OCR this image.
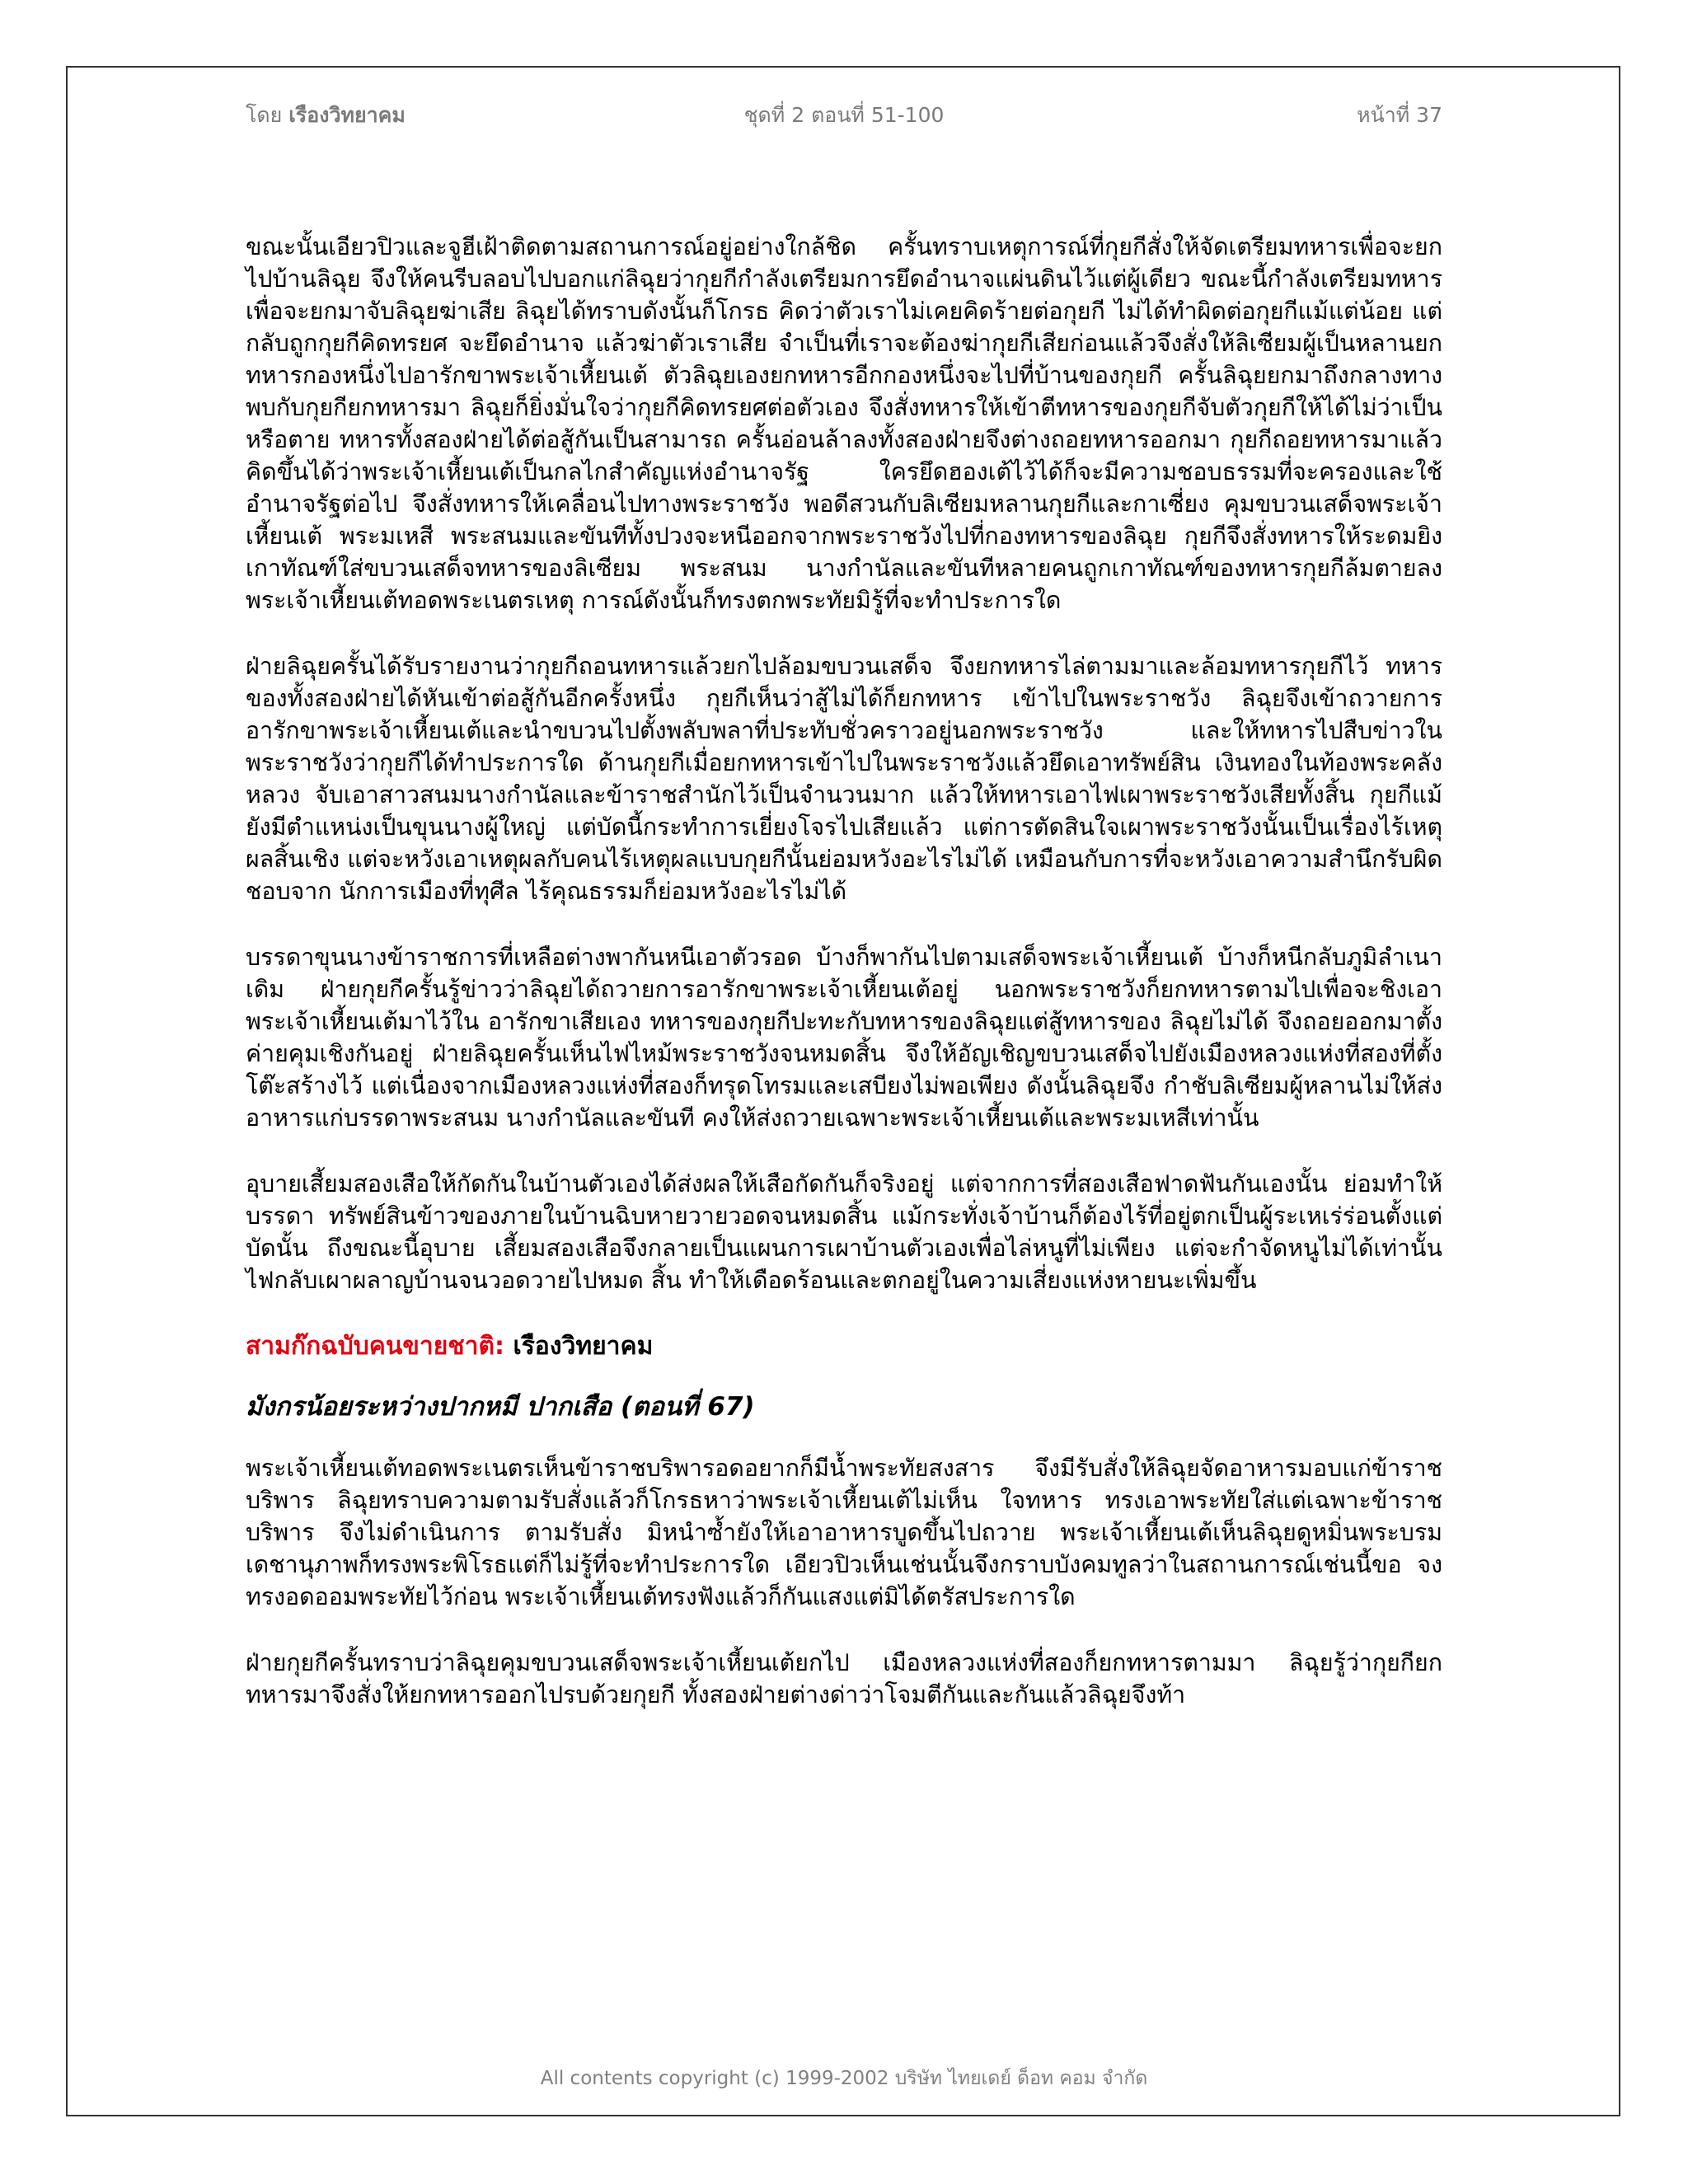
โดย เรืองวิทยาคม	ชุดที่ 2 ตอนที่ 51-100	หน้าที่ 37

ขณะนั้นเอียวปิวและจูฮีเฝ้าติดตามสถานการณ์อยู่อย่างใกล้ชิด ครั้นทราบเหตุการณ์ที่กุยกีสั่งให้จัดเตรียมทหารเพื่อจะยกไปบ้านลิฉุย จึงให้คนรีบลอบไปบอกแก่ลิฉุยว่ากุยกีกำลังเตรียมการยึดอำนาจแผ่นดินไว้แต่ผู้เดียว ขณะนี้กำลังเตรียมทหารเพื่อจะยกมาจับลิฉุยฆ่าเสีย ลิฉุยได้ทราบดังนั้นก็โกรธ คิดว่าตัวเราไม่เคยคิดร้ายต่อกุยกี ไม่ได้ทำผิดต่อกุยกีแม้แต่น้อย แต่กลับถูกกุยกีคิดทรยศ จะยึดอำนาจ แล้วฆ่าตัวเราเสีย จำเป็นที่เราจะต้องฆ่ากุยกีเสียก่อนแล้วจึงสั่งให้ลิเซียมผู้เป็นหลานยกทหารกองหนึ่งไปอารักขาพระเจ้าเหี้ยนเต้ ตัวลิฉุยเองยกทหารอีกกองหนึ่งจะไปที่บ้านของกุยกี ครั้นลิฉุยยกมาถึงกลางทางพบกับกุยกียกทหารมา ลิฉุยก็ยิ่งมั่นใจว่ากุยกีคิดทรยศต่อตัวเอง จึงสั่งทหารให้เข้าตีทหารของกุยกีจับตัวกุยกีให้ได้ไม่ว่าเป็นหรือตาย ทหารทั้งสองฝ่ายได้ต่อสู้กันเป็นสามารถ ครั้นอ่อนล้าลงทั้งสองฝ่ายจึงต่างถอยทหารออกมา กุยกีถอยทหารมาแล้วคิดขึ้นได้ว่าพระเจ้าเหี้ยนเต้เป็นกลไกสำคัญแห่งอำนาจรัฐ ใครยึดฮองเต้ไว้ได้ก็จะมีความชอบธรรมที่จะครองและใช้อำนาจรัฐต่อไป จึงสั่งทหารให้เคลื่อนไปทางพระราชวัง พอดีสวนกับลิเซียมหลานกุยกีและกาเซี่ยง คุมขบวนเสด็จพระเจ้าเหี้ยนเต้ พระมเหสี พระสนมและขันทีทั้งปวงจะหนีออกจากพระราชวังไปที่กองทหารของลิฉุย กุยกีจึงสั่งทหารให้ระดมยิงเกาทัณฑ์ใส่ขบวนเสด็จทหารของลิเซียม พระสนม นางกำนัลและขันทีหลายคนถูกเกาทัณฑ์ของทหารกุยกีล้มตายลง พระเจ้าเหี้ยนเต้ทอดพระเนตรเหตุ การณ์ดังนั้นก็ทรงตกพระทัยมิรู้ที่จะทำประการใด

ฝ่ายลิฉุยครั้นได้รับรายงานว่ากุยกีถอนทหารแล้วยกไปล้อมขบวนเสด็จ จึงยกทหารไล่ตามมาและล้อมทหารกุยกีไว้ ทหารของทั้งสองฝ่ายได้หันเข้าต่อสู้กันอีกครั้งหนึ่ง กุยกีเห็นว่าสู้ไม่ได้ก็ยกทหาร เข้าไปในพระราชวัง ลิฉุยจึงเข้าถวายการอารักขาพระเจ้าเหี้ยนเต้และนำขบวนไปตั้งพลับพลาที่ประทับชั่วคราวอยู่นอกพระราชวัง และให้ทหารไปสืบข่าวในพระราชวังว่ากุยกีได้ทำประการใด ด้านกุยกีเมื่อยกทหารเข้าไปในพระราชวังแล้วยึดเอาทรัพย์สิน เงินทองในท้องพระคลังหลวง จับเอาสาวสนมนางกำนัลและข้าราชสำนักไว้เป็นจำนวนมาก แล้วให้ทหารเอาไฟเผาพระราชวังเสียทั้งสิ้น กุยกีแม้ยังมีตำแหน่งเป็นขุนนางผู้ใหญ่ แต่บัดนี้กระทำการเยี่ยงโจรไปเสียแล้ว แต่การตัดสินใจเผาพระราชวังนั้นเป็นเรื่องไร้เหตุ ผลสิ้นเชิง แต่จะหวังเอาเหตุผลกับคนไร้เหตุผลแบบกุยกีนั้นย่อมหวังอะไรไม่ได้ เหมือนกับการที่จะหวังเอาความสำนึกรับผิดชอบจาก นักการเมืองที่ทุศีล ไร้คุณธรรมก็ย่อมหวังอะไรไม่ได้

บรรดาขุนนางข้าราชการที่เหลือต่างพากันหนีเอาตัวรอด บ้างก็พากันไปตามเสด็จพระเจ้าเหี้ยนเต้ บ้างก็หนีกลับภูมิลำเนาเดิม ฝ่ายกุยกีครั้นรู้ข่าวว่าลิฉุยได้ถวายการอารักขาพระเจ้าเหี้ยนเต้อยู่ นอกพระราชวังก็ยกทหารตามไปเพื่อจะชิงเอาพระเจ้าเหี้ยนเต้มาไว้ใน อารักขาเสียเอง ทหารของกุยกีปะทะกับทหารของลิฉุยแต่สู้ทหารของ ลิฉุยไม่ได้ จึงถอยออกมาตั้งค่ายคุมเชิงกันอยู่ ฝ่ายลิฉุยครั้นเห็นไฟไหม้พระราชวังจนหมดสิ้น จึงให้อัญเชิญขบวนเสด็จไปยังเมืองหลวงแห่งที่สองที่ตั้งโต๊ะสร้างไว้ แต่เนื่องจากเมืองหลวงแห่งที่สองก็ทรุดโทรมและเสบียงไม่พอเพียง ดังนั้นลิฉุยจึง กำชับลิเซียมผู้หลานไม่ให้ส่งอาหารแก่บรรดาพระสนม นางกำนัลและขันที คงให้ส่งถวายเฉพาะพระเจ้าเหี้ยนเต้และพระมเหสีเท่านั้น

อุบายเสี้ยมสองเสือให้กัดกันในบ้านตัวเองได้ส่งผลให้เสือกัดกันก็จริงอยู่ แต่จากการที่สองเสือฟาดฟันกันเองนั้น ย่อมทำให้บรรดา ทรัพย์สินข้าวของภายในบ้านฉิบหายวายวอดจนหมดสิ้น แม้กระทั่งเจ้าบ้านก็ต้องไร้ที่อยู่ตกเป็นผู้ระเหเร่ร่อนตั้งแต่บัดนั้น ถึงขณะนี้อุบาย เสี้ยมสองเสือจึงกลายเป็นแผนการเผาบ้านตัวเองเพื่อไล่หนูที่ไม่เพียง แต่จะกำจัดหนูไม่ได้เท่านั้น ไฟกลับเผาผลาญบ้านจนวอดวายไปหมด สิ้น ทำให้เดือดร้อนและตกอยู่ในความเสี่ยงแห่งหายนะเพิ่มขึ้น

สามก๊กฉบับคนขายชาติ: เรืองวิทยาคม
มังกรน้อยระหว่างปากหมี ปากเสือ (ตอนที่ 67)

พระเจ้าเหี้ยนเต้ทอดพระเนตรเห็นข้าราชบริพารอดอยากก็มีน้ำพระทัยสงสาร จึงมีรับสั่งให้ลิฉุยจัดอาหารมอบแก่ข้าราชบริพาร ลิฉุยทราบความตามรับสั่งแล้วก็โกรธหาว่าพระเจ้าเหี้ยนเต้ไม่เห็น ใจทหาร ทรงเอาพระทัยใส่แต่เฉพาะข้าราชบริพาร จึงไม่ดำเนินการ ตามรับสั่ง มิหนำซ้ำยังให้เอาอาหารบูดขึ้นไปถวาย พระเจ้าเหี้ยนเต้เห็นลิฉุยดูหมิ่นพระบรมเดชานุภาพก็ทรงพระพิโรธแต่ก็ไม่รู้ที่จะทำประการใด เอียวปิวเห็นเช่นนั้นจึงกราบบังคมทูลว่าในสถานการณ์เช่นนี้ขอ จงทรงอดออมพระทัยไว้ก่อน พระเจ้าเหี้ยนเต้ทรงฟังแล้วก็กันแสงแต่มิได้ตรัสประการใด

ฝ่ายกุยกีครั้นทราบว่าลิฉุยคุมขบวนเสด็จพระเจ้าเหี้ยนเต้ยกไป เมืองหลวงแห่งที่สองก็ยกทหารตามมา ลิฉุยรู้ว่ากุยกียกทหารมาจึงสั่งให้ยกทหารออกไปรบด้วยกุยกี ทั้งสองฝ่ายต่างด่าว่าโจมตีกันและกันแล้วลิฉุยจึงท้า

All contents copyright (c) 1999-2002 บริษัท ไทยเดย์ ด็อท คอม จำกัด
